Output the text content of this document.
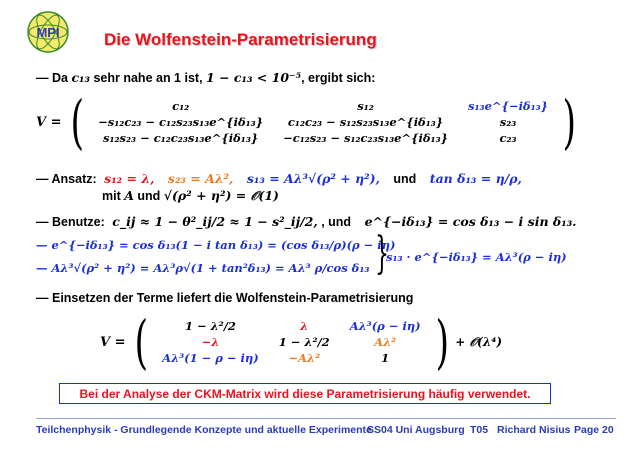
MPI	Die Wolfenstein-Parametrisierung
— Da c₁₃ sehr nahe an 1 ist, 1 − c₁₃ < 10⁻⁵, ergibt sich:
V = (	c₁₂	s₁₂	s₁₃e^{−iδ₁₃}
−s₁₂c₂₃ − c₁₂s₂₃s₁₃e^{iδ₁₃}	c₁₂c₂₃ − s₁₂s₂₃s₁₃e^{iδ₁₃}	s₂₃
s₁₂s₂₃ − c₁₂c₂₃s₁₃e^{iδ₁₃}	−c₁₂s₂₃ − s₁₂c₂₃s₁₃e^{iδ₁₃}	c₂₃ )
— Ansatz: s₁₂ = λ, s₂₃ = Aλ², s₁₃ = Aλ³√(ρ² + η²), und tan δ₁₃ = η/ρ,
mit A und √(ρ² + η²) = 𝒪(1)
— Benutze: c_ij ≈ 1 − θ²_ij/2 ≈ 1 − s²_ij/2, , und e^{−iδ₁₃} = cos δ₁₃ − i sin δ₁₃.
— e^{−iδ₁₃} = cos δ₁₃(1 − i tan δ₁₃) = (cos δ₁₃/ρ)(ρ − iη)
— Aλ³√(ρ² + η²) = Aλ³ρ√(1 + tan²δ₁₃) = Aλ³ ρ/cos δ₁₃ }
s₁₃ · e^{−iδ₁₃} = Aλ³(ρ − iη)
— Einsetzen der Terme liefert die Wolfenstein-Parametrisierung
V = (	1 − λ²/2	λ	Aλ³(ρ − iη)
−λ	1 − λ²/2	Aλ²
Aλ³(1 − ρ − iη)	−Aλ²	1 ) + 𝒪(λ⁴)
Bei der Analyse der CKM-Matrix wird diese Parametrisierung häufig verwendet.
Teilchenphysik - Grundlegende Konzepte und aktuelle Experimente
SS04 Uni Augsburg T05 Richard Nisius Page 20
